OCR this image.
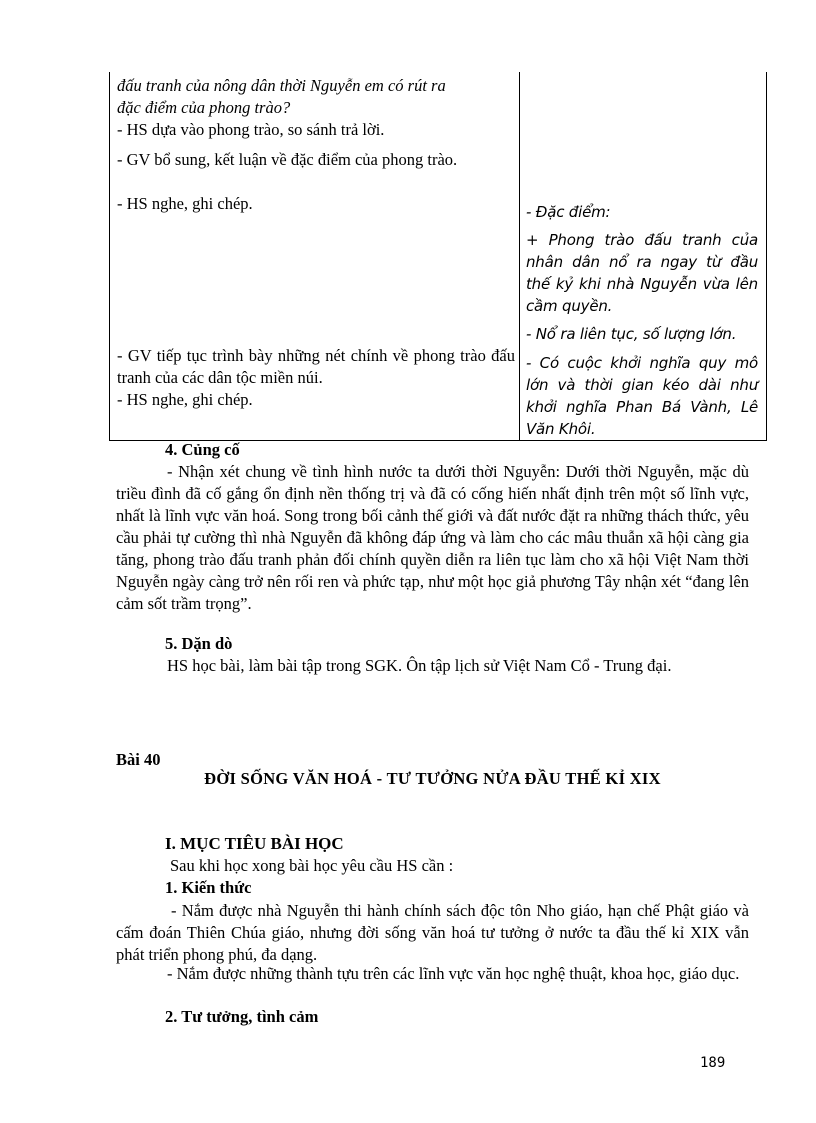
đấu tranh của nông dân thời Nguyễn em có rút ra
đặc điểm của phong trào?

- HS dựa vào phong trào, so sánh trả lời.

- GV bổ sung, kết luận về đặc điểm của phong trào.

- HS nghe, ghi chép.

- GV tiếp tục trình bày những nét chính về phong trào đấu tranh của các dân tộc miền núi.

- HS nghe, ghi chép.

- Đặc điểm:

+ Phong trào đấu tranh của nhân dân nổ ra ngay từ đầu thế kỷ khi nhà Nguyễn vừa lên cầm quyền.

- Nổ ra liên tục, số lượng lớn.

- Có cuộc khởi nghĩa quy mô lớn và thời gian kéo dài như khởi nghĩa Phan Bá Vành, Lê Văn Khôi.

4. Củng cố

- Nhận xét chung về tình hình nước ta dưới thời Nguyễn: Dưới thời Nguyễn, mặc dù triều đình đã cố gắng ổn định nền thống trị và đã có cống hiến nhất định trên một số lĩnh vực, nhất là lĩnh vực văn hoá. Song trong bối cảnh thế giới và đất nước đặt ra những thách thức, yêu cầu phải tự cường thì nhà Nguyễn đã không đáp ứng và làm cho các mâu thuẫn xã hội càng gia tăng, phong trào đấu tranh phản đối chính quyền diễn ra liên tục làm cho xã hội Việt Nam thời Nguyễn ngày càng trở nên rối ren và phức tạp, như một học giả phương Tây nhận xét “đang lên cảm sốt trầm trọng”.

5. Dặn dò

HS học bài, làm bài tập trong SGK. Ôn tập lịch sử Việt Nam Cổ - Trung đại.

Bài 40

ĐỜI SỐNG VĂN HOÁ - TƯ TƯỞNG NỬA ĐẦU THẾ KỈ XIX

I. MỤC TIÊU BÀI HỌC

Sau khi học xong bài học yêu cầu HS cần :

1. Kiến thức

- Nắm được nhà Nguyễn thi hành chính sách độc tôn Nho giáo, hạn chế Phật giáo và cấm đoán Thiên Chúa giáo, nhưng đời sống văn hoá tư tưởng ở nước ta đầu thế kỉ XIX vẫn phát triển phong phú, đa dạng.

- Nắm được những thành tựu trên các lĩnh vực văn học nghệ thuật, khoa học, giáo dục.

2. Tư tưởng, tình cảm

189
